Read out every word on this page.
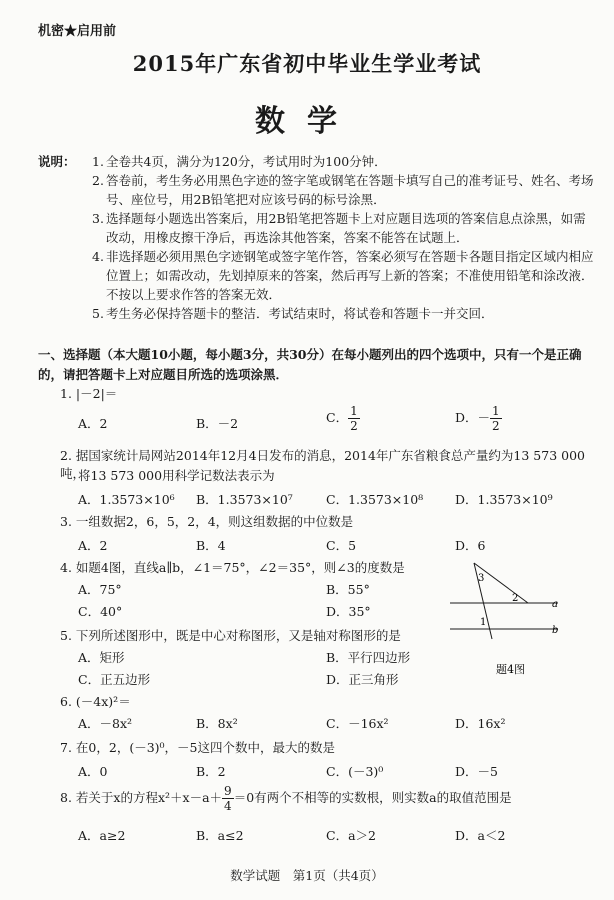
机密★启用前
2015年广东省初中毕业生学业考试
数学
说明： 1. 全卷共4页，满分为120分，考试用时为100分钟．
2. 答卷前，考生务必用黑色字迹的签字笔或钢笔在答题卡填写自己的准考证号、姓名、考场号、座位号，用2B铅笔把对应该号码的标号涂黑．
3. 选择题每小题选出答案后，用2B铅笔把答题卡上对应题目选项的答案信息点涂黑，如需改动，用橡皮擦干净后，再选涂其他答案，答案不能答在试题上．
4. 非选择题必须用黑色字迹钢笔或签字笔作答，答案必须写在答题卡各题目指定区域内相应位置上；如需改动，先划掉原来的答案，然后再写上新的答案；不准使用铅笔和涂改液．不按以上要求作答的答案无效．
5. 考生务必保持答题卡的整洁．考试结束时，将试卷和答题卡一并交回．
一、选择题（本大题10小题，每小题3分，共30分）在每小题列出的四个选项中，只有一个是正确的，请把答题卡上对应题目所选的选项涂黑．
1. |－2|＝
A．2	B．－2	C． $\frac{1}{2}$	D．－ $\frac{1}{2}$
2. 据国家统计局网站2014年12月4日发布的消息，2014年广东省粮食总产量约为13 573 000吨，
将13 573 000用科学记数法表示为
A．1.3573×10⁶ B．1.3573×10⁷	C．1.3573×10⁸	D．1.3573×10⁹
3. 一组数据2，6，5，2，4，则这组数据的中位数是
A．2	B．4	C．5	D．6
4. 如题4图，直线a∥b，∠1＝75°，∠2＝35°，则∠3的度数是
A．75°	B．55°
C．40°	D．35°
3
2
1
a
b
题4图
5. 下列所述图形中，既是中心对称图形，又是轴对称图形的是
A．矩形	B．平行四边形
C．正五边形	D．正三角形
6. (－4x)²＝
A．－8x²	B．8x²	C．－16x²	D．16x²
7. 在0，2，(－3)⁰，－5这四个数中，最大的数是
A．0	B．2	C．(－3)⁰	D．－5
8. 若关于x的方程$x^2+x-a+ \frac{9}{4} =0$有两个不相等的实数根，则实数a的取值范围是
A．a≥2	B．a≤2	C．a＞2	D．a＜2
数学试题　第1页（共4页）
